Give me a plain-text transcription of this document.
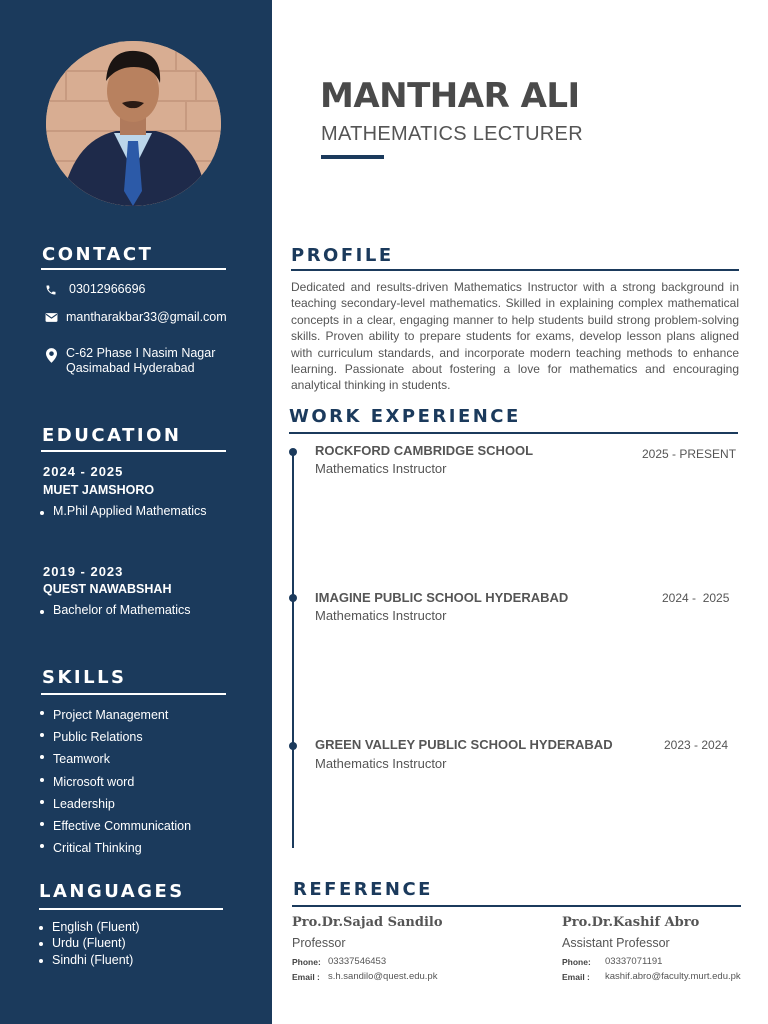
CONTACT
03012966696
mantharakbar33@gmail.com
C-62 Phase I Nasim Nagar
Qasimabad Hyderabad
EDUCATION
2024 - 2025
MUET JAMSHORO
M.Phil Applied Mathematics
2019 - 2023
QUEST NAWABSHAH
Bachelor of Mathematics
SKILLS
Project Management
Public Relations
Teamwork
Microsoft word
Leadership
Effective Communication
Critical Thinking
LANGUAGES
English (Fluent)
Urdu (Fluent)
Sindhi (Fluent)
MANTHAR ALI
MATHEMATICS LECTURER
PROFILE
Dedicated and results-driven Mathematics Instructor with a strong background in teaching secondary-level mathematics. Skilled in explaining complex mathematical concepts in a clear, engaging manner to help students build strong problem-solving skills. Proven ability to prepare students for exams, develop lesson plans aligned with curriculum standards, and incorporate modern teaching methods to enhance learning. Passionate about fostering a love for mathematics and encouraging analytical thinking in students.
WORK EXPERIENCE
ROCKFORD CAMBRIDGE SCHOOL
Mathematics Instructor
2025 - PRESENT
IMAGINE PUBLIC SCHOOL HYDERABAD
Mathematics Instructor
2024 -  2025
GREEN VALLEY PUBLIC SCHOOL HYDERABAD
Mathematics Instructor
2023 - 2024
REFERENCE
Pro.Dr.Sajad Sandilo
Professor
Phone: 03337546453
Email : s.h.sandilo@quest.edu.pk
Pro.Dr.Kashif Abro
Assistant Professor
Phone: 03337071191
Email : kashif.abro@faculty.murt.edu.pk
